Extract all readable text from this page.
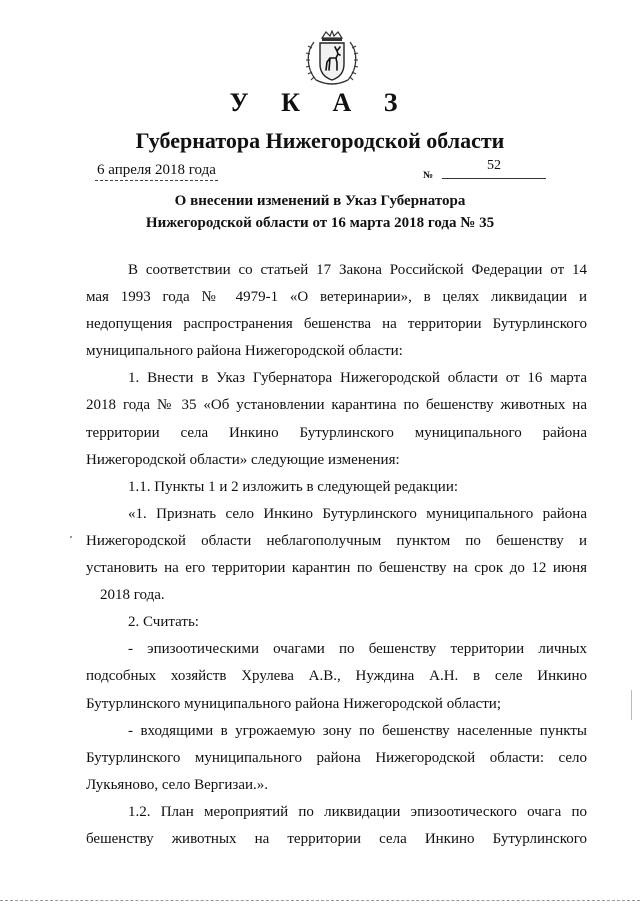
У К А З
Губернатора Нижегородской области
6 апреля 2018 года	№
52
О внесении изменений в Указ Губернатора
Нижегородской области от 16 марта 2018 года № 35

В соответствии со статьей 17 Закона Российской Федерации от 14

мая 1993 года № 4979-1 «О ветеринарии», в целях ликвидации и

недопущения распространения бешенства на территории Бутурлинского

муниципального района Нижегородской области:

1. Внести в Указ Губернатора Нижегородской области от 16 марта

2018 года № 35 «Об установлении карантина по бешенству животных на

территории села Инкино Бутурлинского муниципального района

Нижегородской области» следующие изменения:

1.1. Пункты 1 и 2 изложить в следующей редакции:

«1. Признать село Инкино Бутурлинского муниципального района

Нижегородской области неблагополучным пунктом по бешенству и

установить на его территории карантин по бешенству на срок до 12 июня

2018 года.

2. Считать:

- эпизоотическими очагами по бешенству территории личных

подсобных хозяйств Хрулева А.В., Нуждина А.Н. в селе Инкино

Бутурлинского муниципального района Нижегородской области;

- входящими в угрожаемую зону по бешенству населенные пункты

Бутурлинского муниципального района Нижегородской области: село

Лукьяново, село Вергизаи.».

1.2. План мероприятий по ликвидации эпизоотического очага по

бешенству животных на территории села Инкино Бутурлинского
